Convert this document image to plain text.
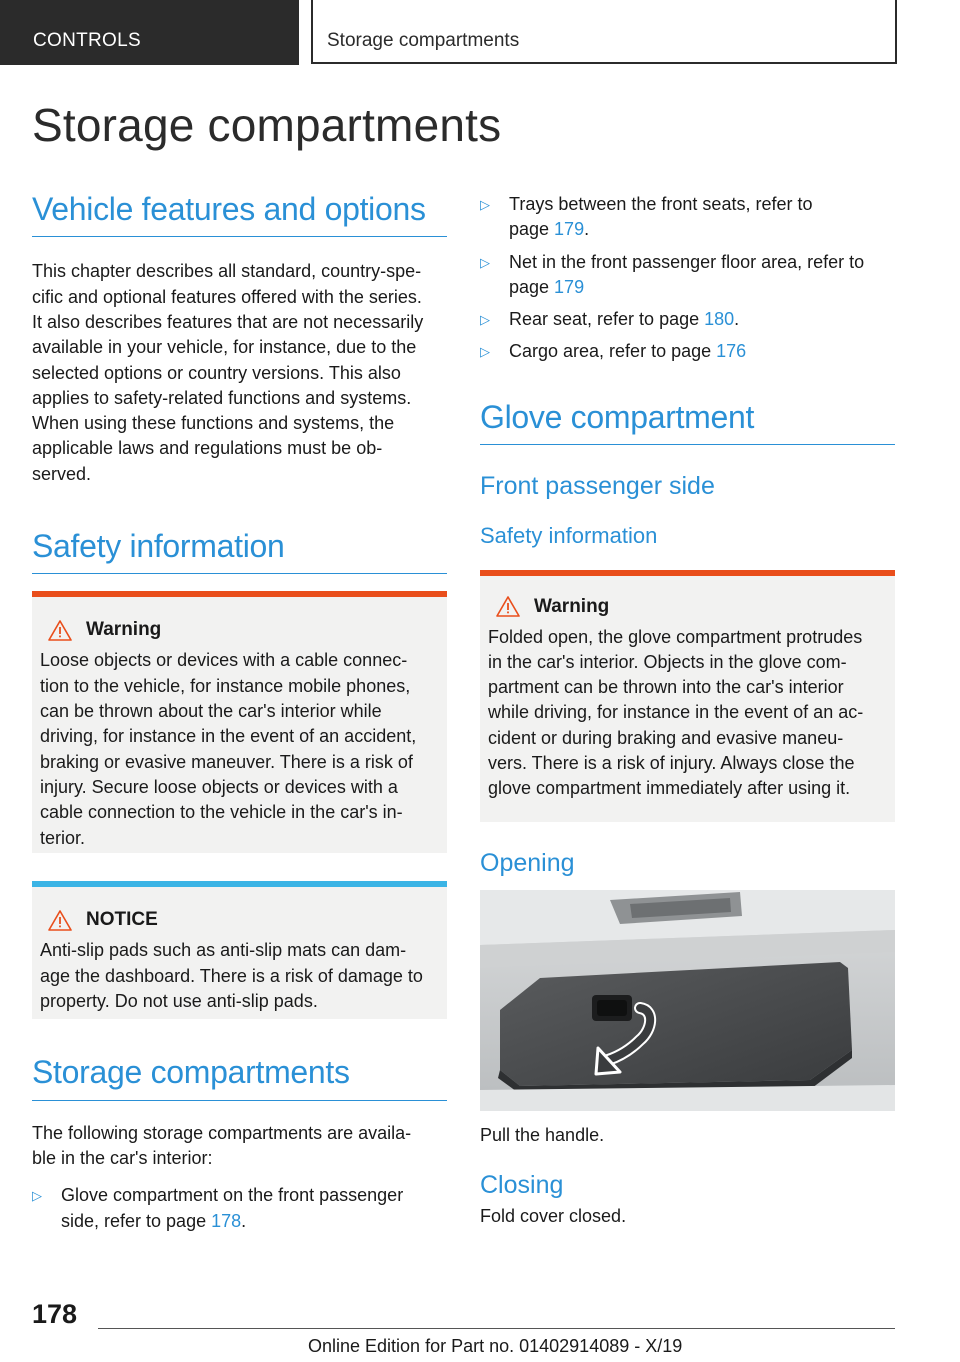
CONTROLS	Storage compartments
Storage compartments
Vehicle features and options
This chapter describes all standard, country-spe-
cific and optional features offered with the series.
It also describes features that are not necessarily
available in your vehicle, for instance, due to the
selected options or country versions. This also
applies to safety-related functions and systems.
When using these functions and systems, the
applicable laws and regulations must be ob-
served.
Safety information
Warning
Loose objects or devices with a cable connec-
tion to the vehicle, for instance mobile phones,
can be thrown about the car's interior while
driving, for instance in the event of an accident,
braking or evasive maneuver. There is a risk of
injury. Secure loose objects or devices with a
cable connection to the vehicle in the car's in-
terior.
NOTICE
Anti-slip pads such as anti-slip mats can dam-
age the dashboard. There is a risk of damage to
property. Do not use anti-slip pads.
Storage compartments
The following storage compartments are availa-
ble in the car's interior:
▷ Glove compartment on the front passenger
side, refer to page 178.
▷ Trays between the front seats, refer to
page 179.
▷ Net in the front passenger floor area, refer to
page 179
▷ Rear seat, refer to page 180.
▷ Cargo area, refer to page 176
Glove compartment
Front passenger side
Safety information
Warning
Folded open, the glove compartment protrudes
in the car's interior. Objects in the glove com-
partment can be thrown into the car's interior
while driving, for instance in the event of an ac-
cident or during braking and evasive maneu-
vers. There is a risk of injury. Always close the
glove compartment immediately after using it.
Opening
Pull the handle.
Closing
Fold cover closed.
178
Online Edition for Part no. 01402914089 - X/19
